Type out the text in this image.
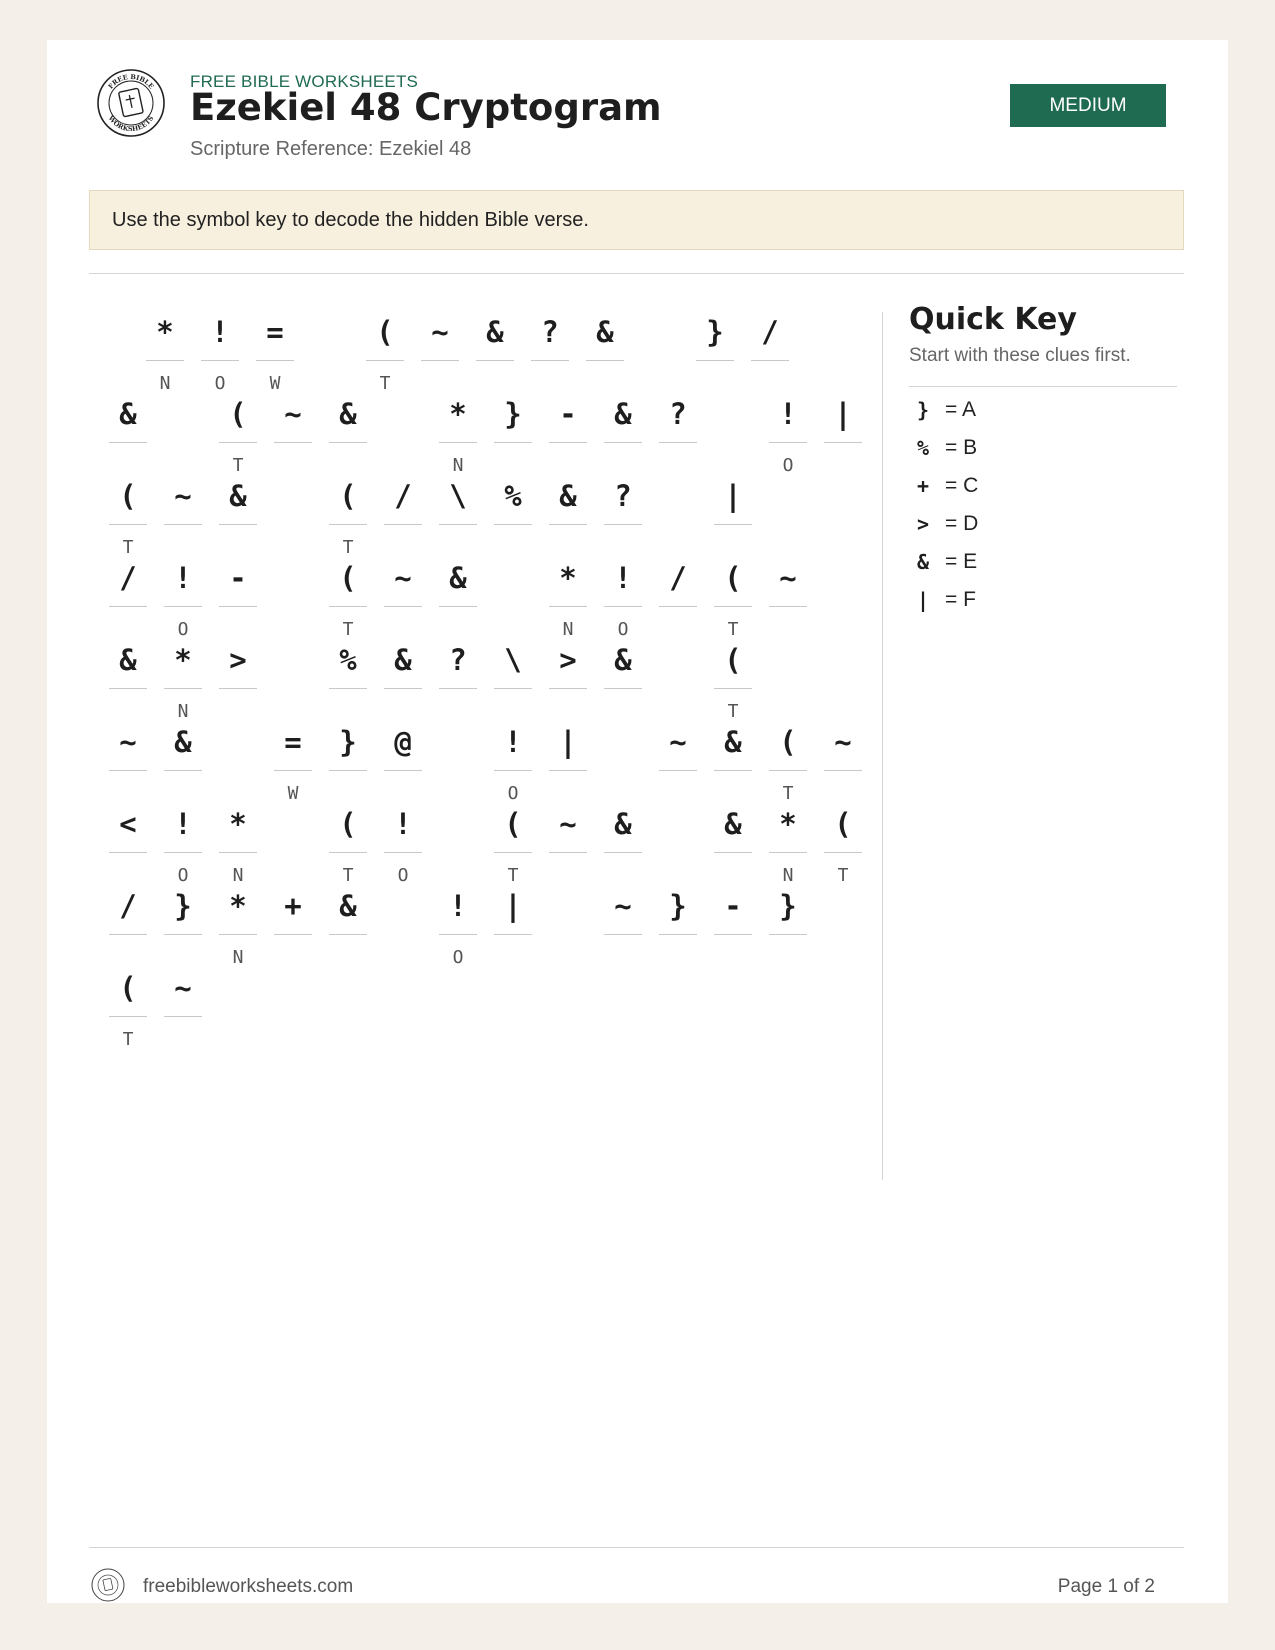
FREE BIBLE
WORKSHEETS
FREE BIBLE WORKSHEETS
Ezekiel 48 Cryptogram
Scripture Reference: Ezekiel 48
MEDIUM
Use the symbol key to decode the hidden Bible verse.
*
N
!
O
=
W
(
T
~	&	?	&	}	/
&	(
T
~	&	*
N
}	-	&	?	!
O
|
(
T
~	&	(
T
/	\	%	&	?	|
/	!
O
-	(
T
~	&	*
N
!
O
/	(
T
~
&	*
N
>	%	&	?	\	>	&	(
T
~	&	=
W
}	@	!
O
|	~	&	(
T
~
<	!
O
*
N
(
T
!
O
(
T
~	&	&	*
N
(
T
/	}	*
N
+	&	!
O
|	~	}	-	}
(
T
~
Quick Key
Start with these clues first.
} = A
% = B
+ = C
> = D
& = E
| = F
freebibleworksheets.com	Page 1 of 2
